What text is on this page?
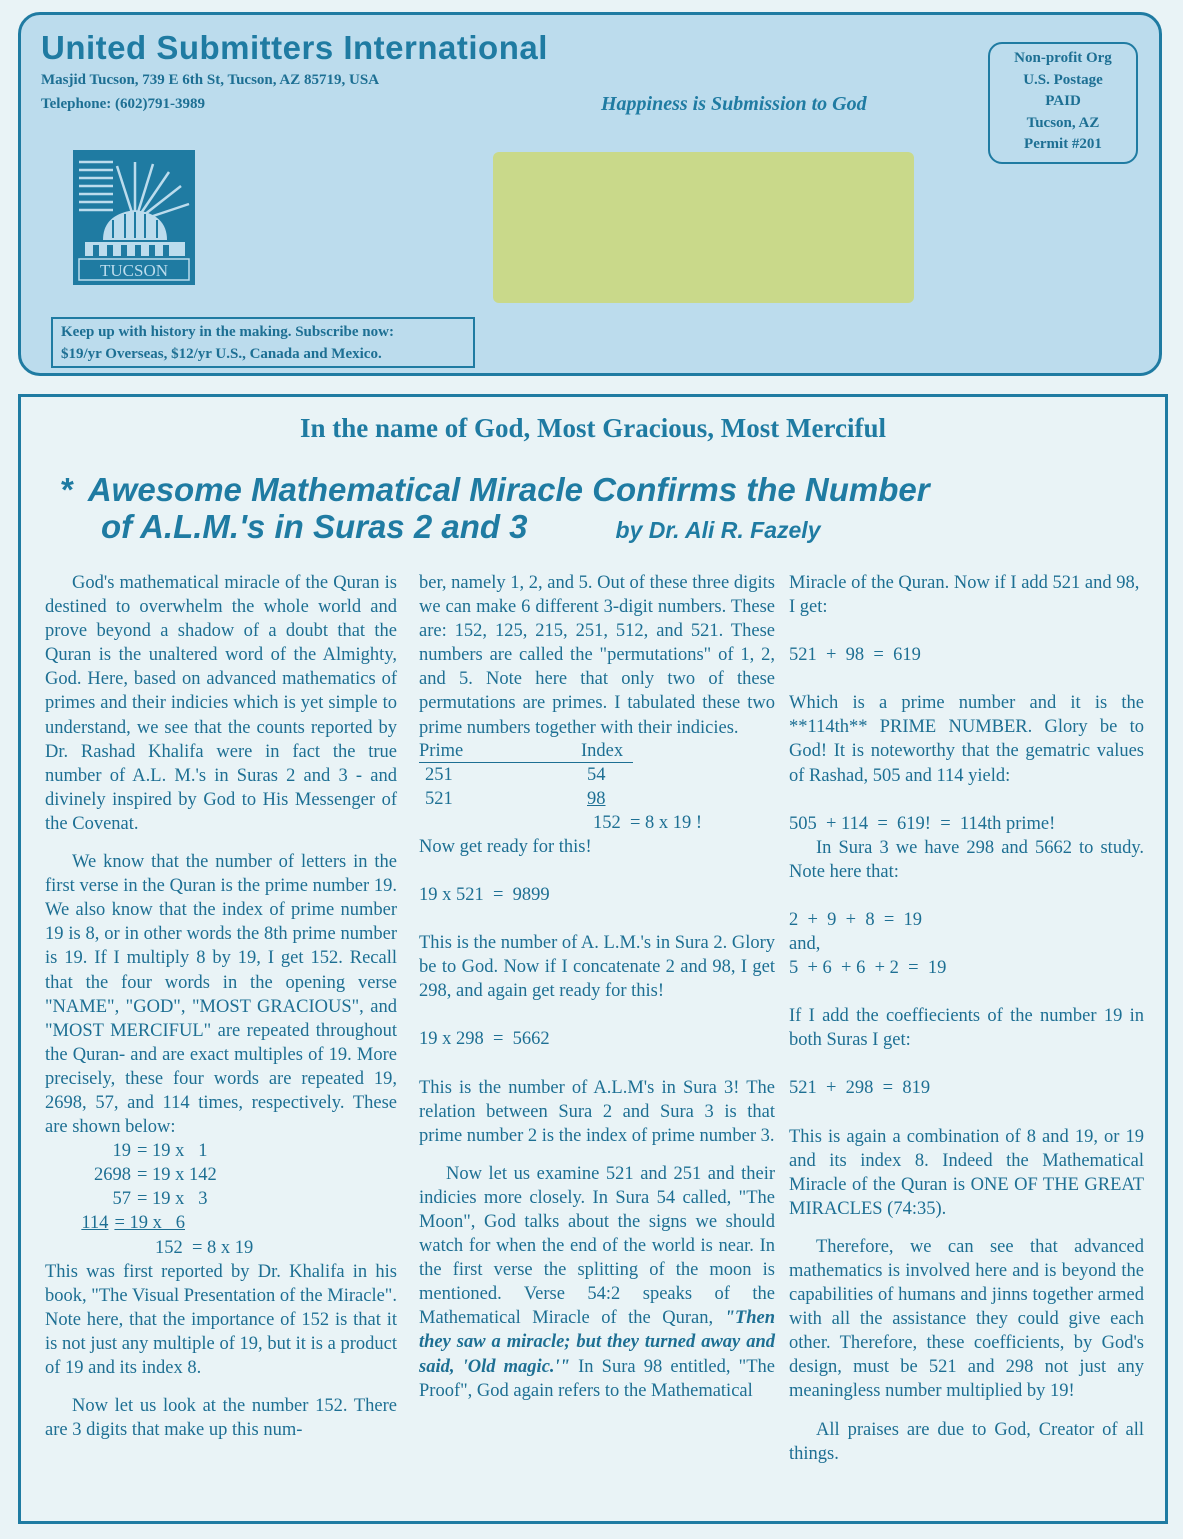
United Submitters International
Masjid Tucson, 739 E 6th St, Tucson, AZ 85719, USA
Telephone: (602)791-3989	Happiness is Submission to God
Non-profit Org
U.S. Postage
PAID
Tucson, AZ
Permit #201
TUCSON
Keep up with history in the making. Subscribe now:
$19/yr Overseas, $12/yr U.S., Canada and Mexico.
In the name of God, Most Gracious, Most Merciful
* Awesome Mathematical Miracle Confirms the Number
of A.L.M.'s in Suras 2 and 3	by Dr. Ali R. Fazely

God's mathematical miracle of the Quran is destined to overwhelm the whole world and prove beyond a shadow of a doubt that the Quran is the unaltered word of the Almighty, God. Here, based on advanced mathematics of primes and their indicies which is yet simple to understand, we see that the counts reported by Dr. Rashad Khalifa were in fact the true number of A.L. M.'s in Suras 2 and 3 - and divinely inspired by God to His Messenger of the Covenat.

We know that the number of letters in the first verse in the Quran is the prime number 19. We also know that the index of prime number 19 is 8, or in other words the 8th prime number is 19. If I multiply 8 by 19, I get 152. Recall that the four words in the opening verse "NAME", "GOD", "MOST GRACIOUS", and "MOST MERCIFUL" are repeated throughout the Quran- and are exact multiples of 19. More precisely, these four words are repeated 19, 2698, 57, and 114 times, respectively. These are shown below:

19 = 19 x   1
2698 = 19 x 142
57 = 19 x   3
114 = 19 x   6
152  = 8 x 19

This was first reported by Dr. Khalifa in his book, "The Visual Presentation of the Miracle". Note here, that the importance of 152 is that it is not just any multiple of 19, but it is a product of 19 and its index 8.

Now let us look at the number 152. There are 3 digits that make up this num-

ber, namely 1, 2, and 5. Out of these three digits we can make 6 different 3-digit numbers. These are: 152, 125, 215, 251, 512, and 521. These numbers are called the "permutations" of 1, 2, and 5. Note here that only two of these permutations are primes. I tabulated these two prime numbers together with their indicies.

Prime	Index
251	54
521	98
152  = 8 x 19 !

Now get ready for this!

19 x 521  =  9899

This is the number of A. L.M.'s in Sura 2. Glory be to God. Now if I concatenate 2 and 98, I get 298, and again get ready for this!

19 x 298  =  5662

This is the number of A.L.M's in Sura 3! The relation between Sura 2 and Sura 3 is that prime number 2 is the index of prime number 3.

Now let us examine 521 and 251 and their indicies more closely. In Sura 54 called, "The Moon", God talks about the signs we should watch for when the end of the world is near. In the first verse the splitting of the moon is mentioned. Verse 54:2 speaks of the Mathematical Miracle of the Quran, "Then they saw a miracle; but they turned away and said, 'Old magic.'" In Sura 98 entitled, "The Proof", God again refers to the Mathematical

Miracle of the Quran. Now if I add 521 and 98, I get:

521  +  98  =  619

Which is a prime number and it is the **114th** PRIME NUMBER. Glory be to God! It is noteworthy that the gematric values of Rashad, 505 and 114 yield:

505  + 114  =  619!  =  114th prime!

In Sura 3 we have 298 and 5662 to study. Note here that:

2  +  9  +  8  =  19

and,

5  + 6  + 6  + 2  =  19

If I add the coeffiecients of the number 19 in both Suras I get:

521  +  298  =  819

This is again a combination of 8 and 19, or 19 and its index 8. Indeed the Mathematical Miracle of the Quran is ONE OF THE GREAT MIRACLES (74:35).

Therefore, we can see that advanced mathematics is involved here and is beyond the capabilities of humans and jinns together armed with all the assistance they could give each other. Therefore, these coefficients, by God's design, must be 521 and 298 not just any meaningless number multiplied by 19!

All praises are due to God, Creator of all things.
